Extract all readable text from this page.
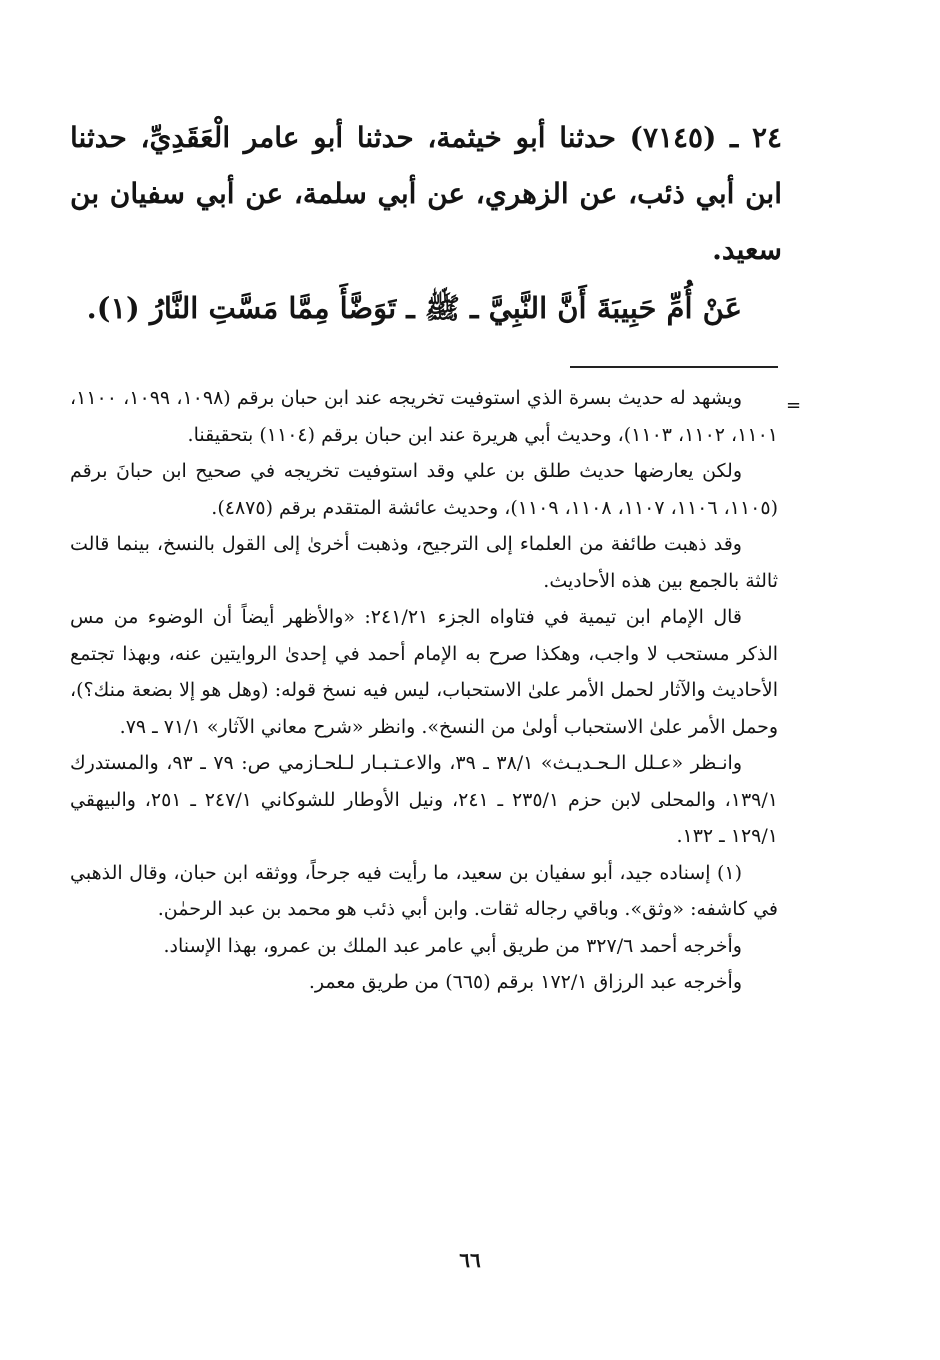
٢٤ ـ (٧١٤٥) حدثنا أبو خيثمة، حدثنا أبو عامر الْعَقَدِيِّ، حدثنا ابن أبي ذئب، عن الزهري، عن أبي سلمة، عن أبي سفيان بن سعيد.
عَنْ أُمِّ حَبِيبَةَ أَنَّ النَّبِيَّ ـ ﷺ ـ تَوَضَّأَ مِمَّا مَسَّتِ النَّارُ (١).
=

ويشهد له حديث بسرة الذي استوفيت تخريجه عند ابن حبان برقم (١٠٩٨، ١٠٩٩، ١١٠٠، ١١٠١، ١١٠٢، ١١٠٣)، وحديث أبي هريرة عند ابن حبان برقم (١١٠٤) بتحقيقنا.

ولكن يعارضها حديث طلق بن علي وقد استوفيت تخريجه في صحيح ابن حبانَ برقم (١١٠٥، ١١٠٦، ١١٠٧، ١١٠٨، ١١٠٩)، وحديث عائشة المتقدم برقم (٤٨٧٥).

وقد ذهبت طائفة من العلماء إلى الترجيح، وذهبت أخرىٰ إلى القول بالنسخ، بينما قالت ثالثة بالجمع بين هذه الأحاديث.

قال الإمام ابن تيمية في فتاواه الجزء ٢٤١/٢١: «والأظهر أيضاً أن الوضوء من مس الذكر مستحب لا واجب، وهكذا صرح به الإمام أحمد في إحدىٰ الروايتين عنه، وبهذا تجتمع الأحاديث والآثار لحمل الأمر علىٰ الاستحباب، ليس فيه نسخ قوله: (وهل هو إلا بضعة منك؟)، وحمل الأمر علىٰ الاستحباب أولىٰ من النسخ». وانظر «شرح معاني الآثار» ٧١/١ ـ ٧٩.

وانـظر «عـلل الـحـديـث» ٣٨/١ ـ ٣٩، والاعـتـبـار لـلحـازمي ص: ٧٩ ـ ٩٣، والمستدرك ١٣٩/١، والمحلى لابن حزم ٢٣٥/١ ـ ٢٤١، ونيل الأوطار للشوكاني ٢٤٧/١ ـ ٢٥١، والبيهقي ١٢٩/١ ـ ١٣٢.

(١) إسناده جيد، أبو سفيان بن سعيد، ما رأيت فيه جرحاً، ووثقه ابن حبان، وقال الذهبي في كاشفه: «وثق». وباقي رجاله ثقات. وابن أبي ذئب هو محمد بن عبد الرحمٰن.

وأخرجه أحمد ٣٢٧/٦ من طريق أبي عامر عبد الملك بن عمرو، بهذا الإسناد.

وأخرجه عبد الرزاق ١٧٢/١ برقم (٦٦٥) من طريق معمر.

٦٦
